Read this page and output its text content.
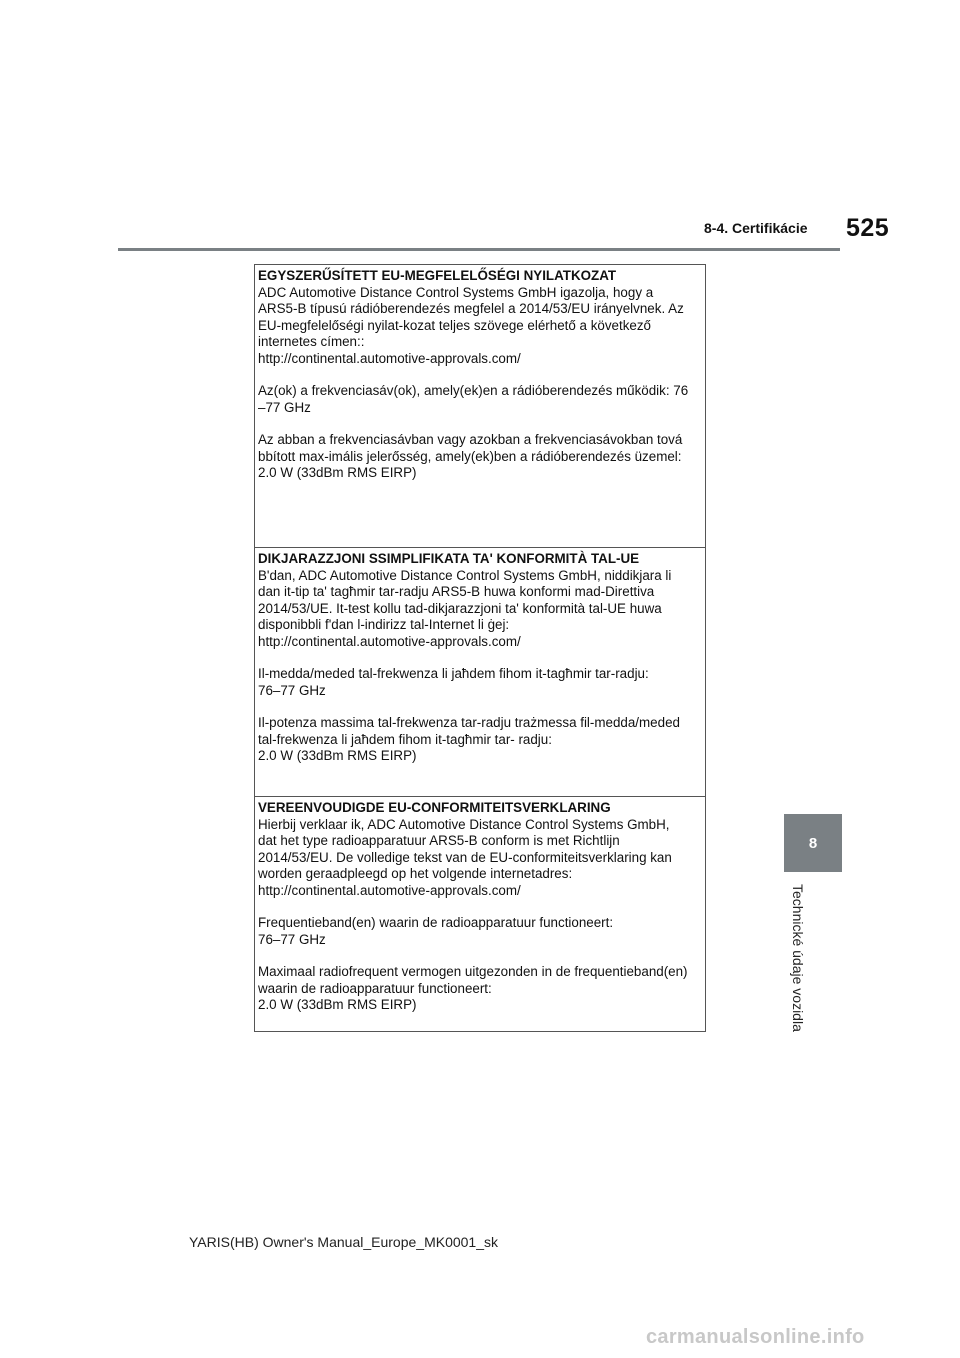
8-4. Certifikácie 525
8
Technické údaje vozidla

EGYSZERŰSÍTETT EU-MEGFELELŐSÉGI NYILATKOZAT

ADC Automotive Distance Control Systems GmbH igazolja, hogy a

ARS5-B típusú rádióberendezés megfelel a 2014/53/EU irányelvnek. Az

EU-megfelelőségi nyilat-kozat teljes szövege elérhető a következő

internetes címen::

http://continental.automotive-approvals.com/

Az(ok) a frekvenciasáv(ok), amely(ek)en a rádióberendezés működik: 76

–77 GHz

Az abban a frekvenciasávban vagy azokban a frekvenciasávokban tová

bbított max-imális jelerősség, amely(ek)ben a rádióberendezés üzemel:

2.0 W (33dBm RMS EIRP)

DIKJARAZZJONI SSIMPLIFIKATA TA' KONFORMITÀ TAL-UE

B'dan, ADC Automotive Distance Control Systems GmbH, niddikjara li

dan it-tip ta' tagħmir tar-radju ARS5-B huwa konformi mad-Direttiva

2014/53/UE. It-test kollu tad-dikjarazzjoni ta' konformità tal-UE huwa

disponibbli f'dan l-indirizz tal-Internet li ġej:

http://continental.automotive-approvals.com/

Il-medda/meded tal-frekwenza li jaħdem fihom it-tagħmir tar-radju:

76–77 GHz

Il-potenza massima tal-frekwenza tar-radju trażmessa fil-medda/meded

tal-frekwenza li jaħdem fihom it-tagħmir tar- radju:

2.0 W (33dBm RMS EIRP)

VEREENVOUDIGDE EU-CONFORMITEITSVERKLARING

Hierbij verklaar ik, ADC Automotive Distance Control Systems GmbH,

dat het type radioapparatuur ARS5-B conform is met Richtlijn

2014/53/EU. De volledige tekst van de EU-conformiteitsverklaring kan

worden geraadpleegd op het volgende internetadres:

http://continental.automotive-approvals.com/

Frequentieband(en) waarin de radioapparatuur functioneert:

76–77 GHz

Maximaal radiofrequent vermogen uitgezonden in de frequentieband(en)

waarin de radioapparatuur functioneert:

2.0 W (33dBm RMS EIRP)

YARIS(HB) Owner's Manual_Europe_MK0001_sk
carmanualsonline.info
